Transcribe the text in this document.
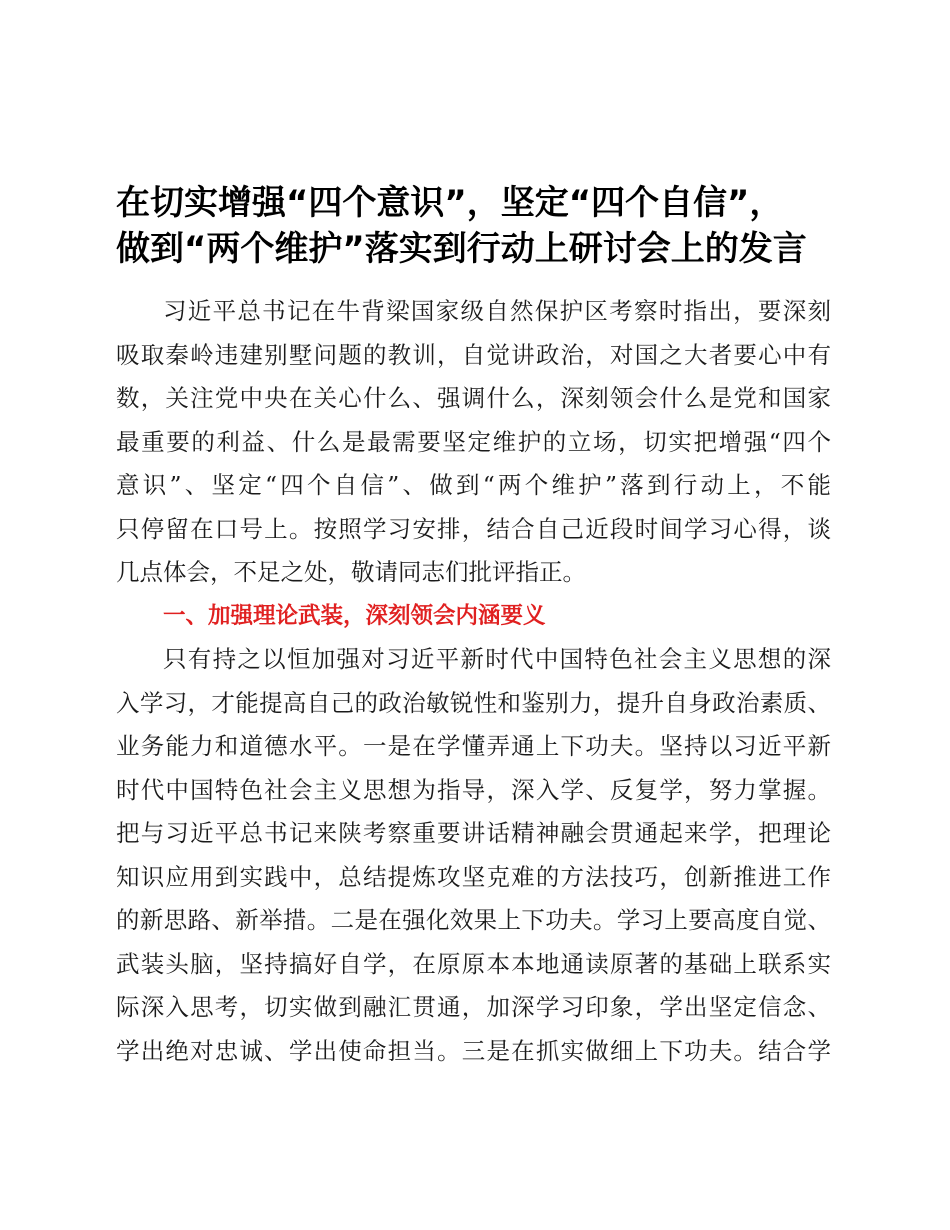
在切实增强“四个意识”，坚定“四个自信”，
做到“两个维护”落实到行动上研讨会上的发言
习近平总书记在牛背梁国家级自然保护区考察时指出，要深刻
吸取秦岭违建别墅问题的教训，自觉讲政治，对国之大者要心中有
数，关注党中央在关心什么、强调什么，深刻领会什么是党和国家
最重要的利益、什么是最需要坚定维护的立场，切实把增强“四个
意识”、坚定“四个自信”、做到“两个维护”落到行动上，不能
只停留在口号上。按照学习安排，结合自己近段时间学习心得，谈
几点体会，不足之处，敬请同志们批评指正。
一、加强理论武装，深刻领会内涵要义
只有持之以恒加强对习近平新时代中国特色社会主义思想的深
入学习，才能提高自己的政治敏锐性和鉴别力，提升自身政治素质、
业务能力和道德水平。一是在学懂弄通上下功夫。坚持以习近平新
时代中国特色社会主义思想为指导，深入学、反复学，努力掌握。
把与习近平总书记来陕考察重要讲话精神融会贯通起来学，把理论
知识应用到实践中，总结提炼攻坚克难的方法技巧，创新推进工作
的新思路、新举措。二是在强化效果上下功夫。学习上要高度自觉、
武装头脑，坚持搞好自学，在原原本本地通读原著的基础上联系实
际深入思考，切实做到融汇贯通，加深学习印象，学出坚定信念、
学出绝对忠诚、学出使命担当。三是在抓实做细上下功夫。结合学
